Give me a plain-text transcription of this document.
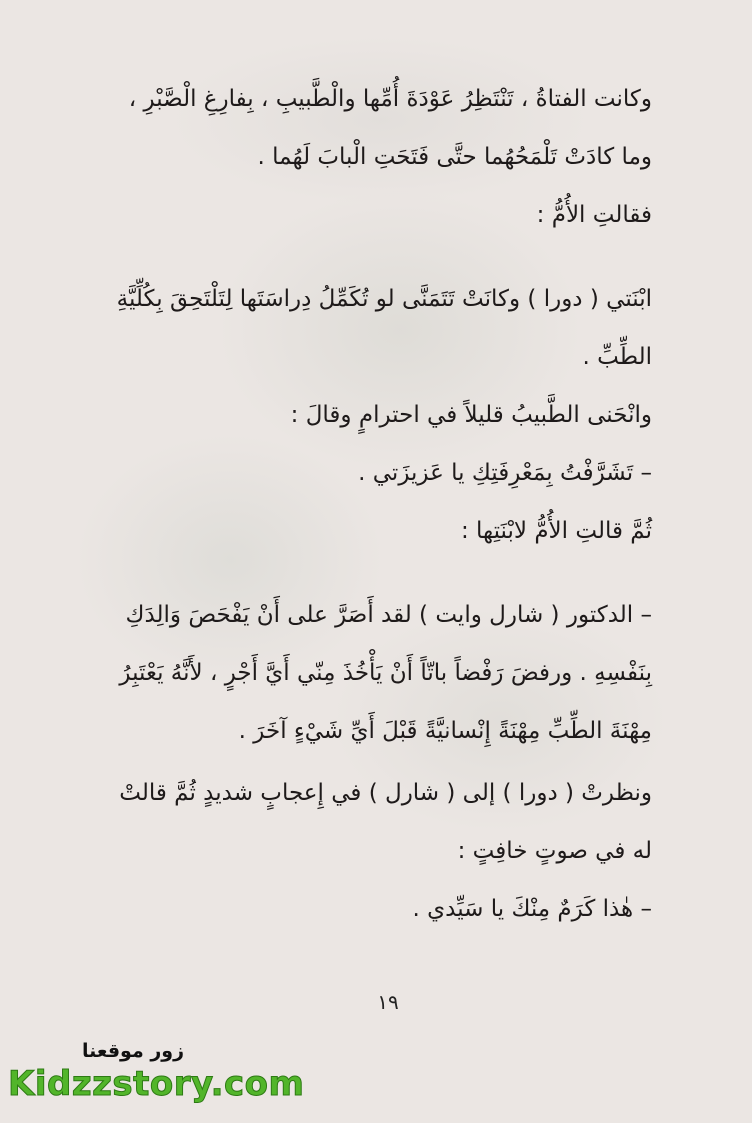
وكانت الفتاةُ ، تَنْتَظِرُ عَوْدَةَ أُمِّها والْطَّبيبِ ، بِفارِغِ الْصَّبْرِ ، وما كادَتْ تَلْمَحُهُما حتَّى فَتَحَتِ الْبابَ لَهُما .

فقالتِ الأُمُّ :

ابْنَتي ( دورا ) وكانَتْ تَتَمَنَّى لو تُكَمِّلُ دِراسَتَها لِتَلْتَحِقَ بِكُلِّيَّةِ الطِّبِّ .

وانْحَنى الطَّبيبُ قليلاً في احترامٍ وقالَ :

– تَشَرَّفْتُ بِمَعْرِفَتِكِ يا عَزيزَتي .

ثُمَّ قالتِ الأُمُّ لابْنَتِها :

– الدكتور ( شارل وايت ) لقد أَصَرَّ على أَنْ يَفْحَصَ وَالِدَكِ بِنَفْسِهِ . ورفضَ رَفْضاً باتّاً أَنْ يَأْخُذَ مِنّي أَيَّ أَجْرٍ ، لأَنَّهُ يَعْتَبِرُ مِهْنَةَ الطِّبِّ مِهْنَةً إِنْسانيَّةً قَبْلَ أَيِّ شَيْءٍ آخَرَ .

ونظرتْ ( دورا ) إلى ( شارل ) في إِعجابٍ شديدٍ ثُمَّ قالتْ له في صوتٍ خافِتٍ :

– هٰذا كَرَمٌ مِنْكَ يا سَيِّدي .

١٩
زور موقعنا
Kidzzstory.com
